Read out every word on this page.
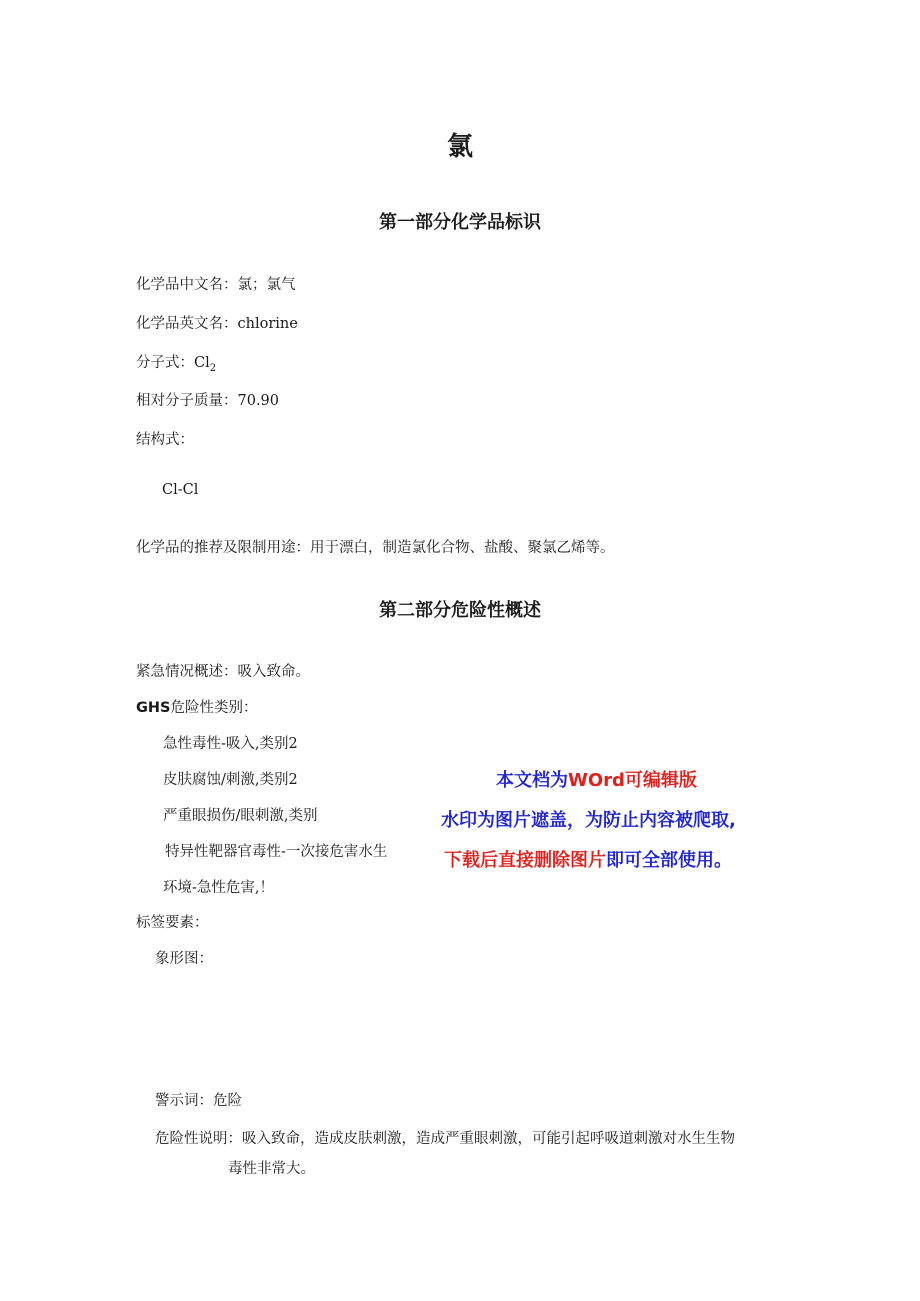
氯
第一部分化学品标识
化学品中文名：氯；氯气
化学品英文名：chlorine
分子式：$Cl_2$
相对分子质量：70.90
结构式：
Cl-Cl
化学品的推荐及限制用途：用于漂白，制造氯化合物、盐酸、聚氯乙烯等。
第二部分危险性概述
紧急情况概述：吸入致命。
GHS危险性类别：
急性毒性-吸入,类别2
皮肤腐蚀/刺激,类别2
严重眼损伤/眼刺激,类别
特异性靶器官毒性-一次接危害水生
环境-急性危害,！
标签要素：
象形图：
警示词：危险
危险性说明：吸入致命，造成皮肤刺激，造成严重眼刺激，可能引起呼吸道刺激对水生生物
毒性非常大。
本文档为WOrd可编辑版
水印为图片遮盖，为防止内容被爬取,
下载后直接删除图片即可全部使用。
